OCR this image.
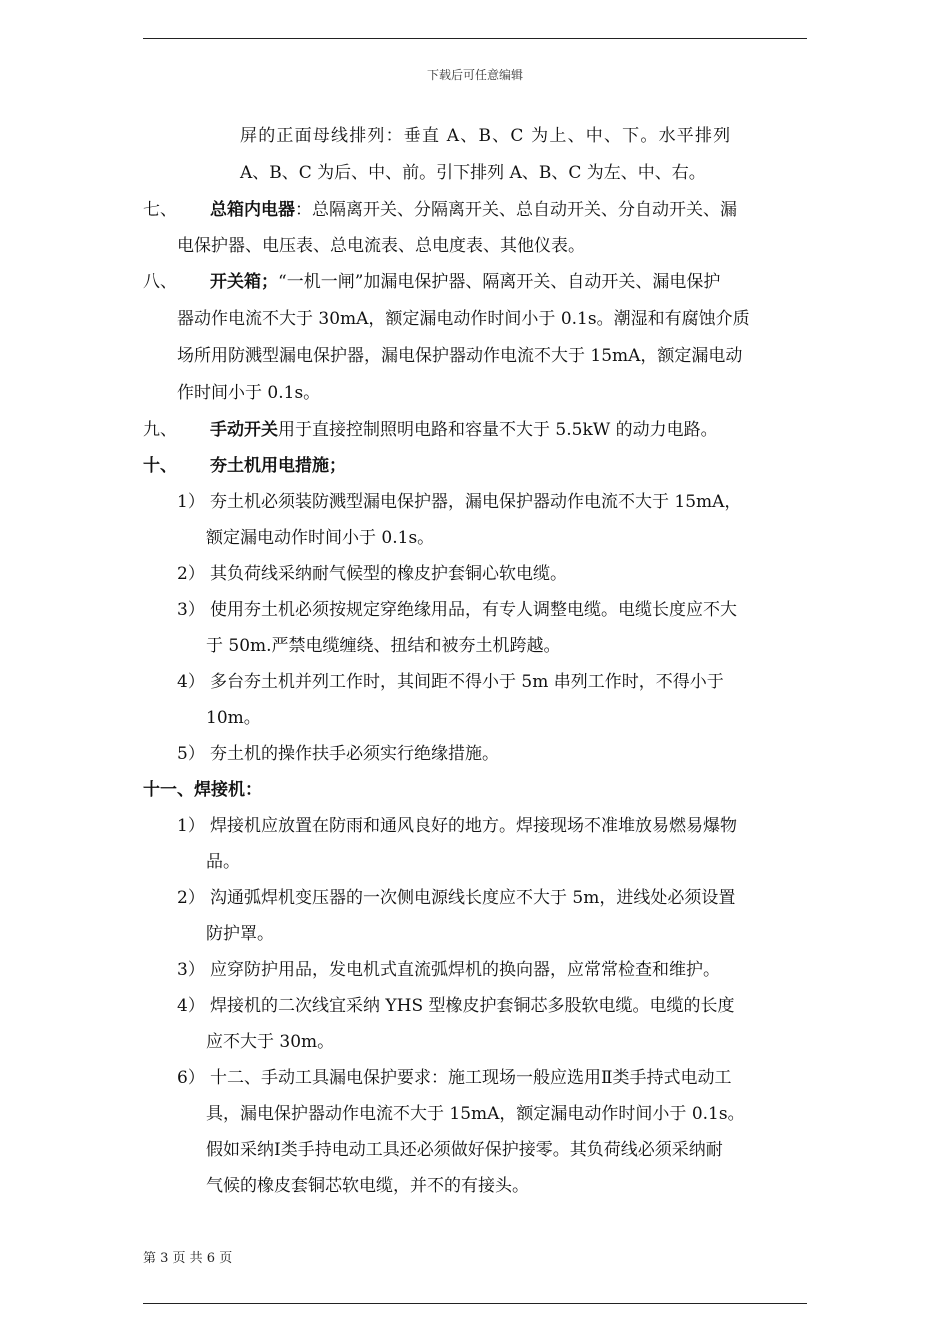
下载后可任意编辑
屏的正面母线排列：垂直 A、B、C 为上、中、下。水平排列
A、B、C 为后、中、前。引下排列 A、B、C 为左、中、右。
七、 总箱内电器：总隔离开关、分隔离开关、总自动开关、分自动开关、漏
电保护器、电压表、总电流表、总电度表、其他仪表。
八、 开关箱；“一机一闸”加漏电保护器、隔离开关、自动开关、漏电保护
器动作电流不大于 30mA，额定漏电动作时间小于 0.1s。潮湿和有腐蚀介质
场所用防溅型漏电保护器，漏电保护器动作电流不大于 15mA，额定漏电动
作时间小于 0.1s。
九、 手动开关用于直接控制照明电路和容量不大于 5.5kW 的动力电路。
十、 夯土机用电措施；
1） 夯土机必须装防溅型漏电保护器，漏电保护器动作电流不大于 15mA，
额定漏电动作时间小于 0.1s。
2） 其负荷线采纳耐气候型的橡皮护套铜心软电缆。
3） 使用夯土机必须按规定穿绝缘用品，有专人调整电缆。电缆长度应不大
于 50m.严禁电缆缠绕、扭结和被夯土机跨越。
4） 多台夯土机并列工作时，其间距不得小于 5m 串列工作时，不得小于
10m。
5） 夯土机的操作扶手必须实行绝缘措施。
十一、焊接机：
1） 焊接机应放置在防雨和通风良好的地方。焊接现场不准堆放易燃易爆物
品。
2） 沟通弧焊机变压器的一次侧电源线长度应不大于 5m，进线处必须设置
防护罩。
3） 应穿防护用品，发电机式直流弧焊机的换向器，应常常检查和维护。
4） 焊接机的二次线宜采纳 YHS 型橡皮护套铜芯多股软电缆。电缆的长度
应不大于 30m。
6） 十二、手动工具漏电保护要求：施工现场一般应选用Ⅱ类手持式电动工
具，漏电保护器动作电流不大于 15mA，额定漏电动作时间小于 0.1s。
假如采纳Ⅰ类手持电动工具还必须做好保护接零。其负荷线必须采纳耐
气候的橡皮套铜芯软电缆，并不的有接头。
第 3 页 共 6 页
